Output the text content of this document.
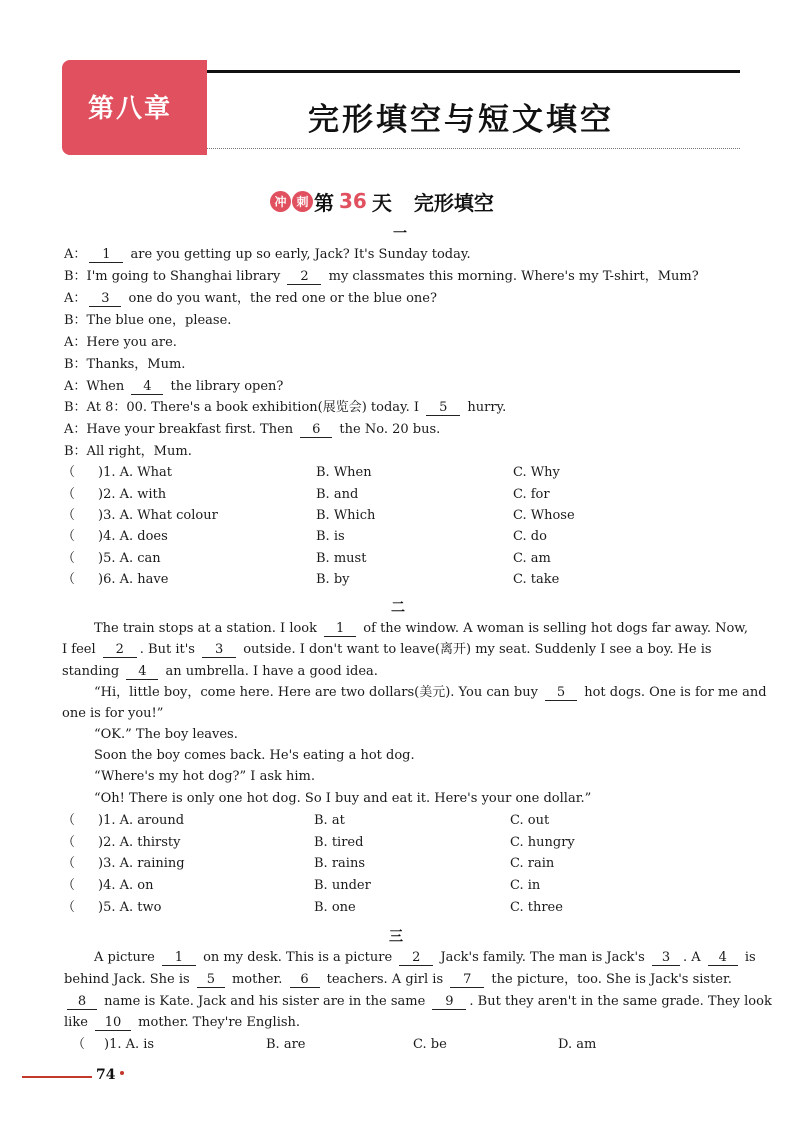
第八章	完形填空与短文填空
冲 刺 第 36 天 完形填空
一
A： 1 are you getting up so early, Jack? It's Sunday today.
B：I'm going to Shanghai library 2 my classmates this morning. Where's my T-shirt，Mum?
A： 3 one do you want，the red one or the blue one?
B：The blue one，please.
A：Here you are.
B：Thanks，Mum.
A：When 4 the library open?
B：At 8：00. There's a book exhibition(展览会) today. I 5 hurry.
A：Have your breakfast first. Then 6 the No. 20 bus.
B：All right，Mum.
（ )1. A. What	B. When	C. Why
（ )2. A. with	B. and	C. for
（ )3. A. What colour	B. Which	C. Whose
（ )4. A. does	B. is	C. do
（ )5. A. can	B. must	C. am
（ )6. A. have	B. by	C. take
二
The train stops at a station. I look 1 of the window. A woman is selling hot dogs far away. Now,
I feel 2 . But it's 3 outside. I don't want to leave(离开) my seat. Suddenly I see a boy. He is
standing 4 an umbrella. I have a good idea.
“Hi，little boy，come here. Here are two dollars(美元). You can buy 5 hot dogs. One is for me and
one is for you!”
“OK.” The boy leaves.
Soon the boy comes back. He's eating a hot dog.
“Where's my hot dog?” I ask him.
“Oh! There is only one hot dog. So I buy and eat it. Here's your one dollar.”
（ )1. A. around	B. at	C. out
（ )2. A. thirsty	B. tired	C. hungry
（ )3. A. raining	B. rains	C. rain
（ )4. A. on	B. under	C. in
（ )5. A. two	B. one	C. three
三
A picture 1 on my desk. This is a picture 2 Jack's family. The man is Jack's 3 . A 4 is
behind Jack. She is 5 mother. 6 teachers. A girl is 7 the picture，too. She is Jack's sister.
8 name is Kate. Jack and his sister are in the same 9 . But they aren't in the same grade. They look
like 10 mother. They're English.
（ )1. A. is	B. are	C. be	D. am
74
